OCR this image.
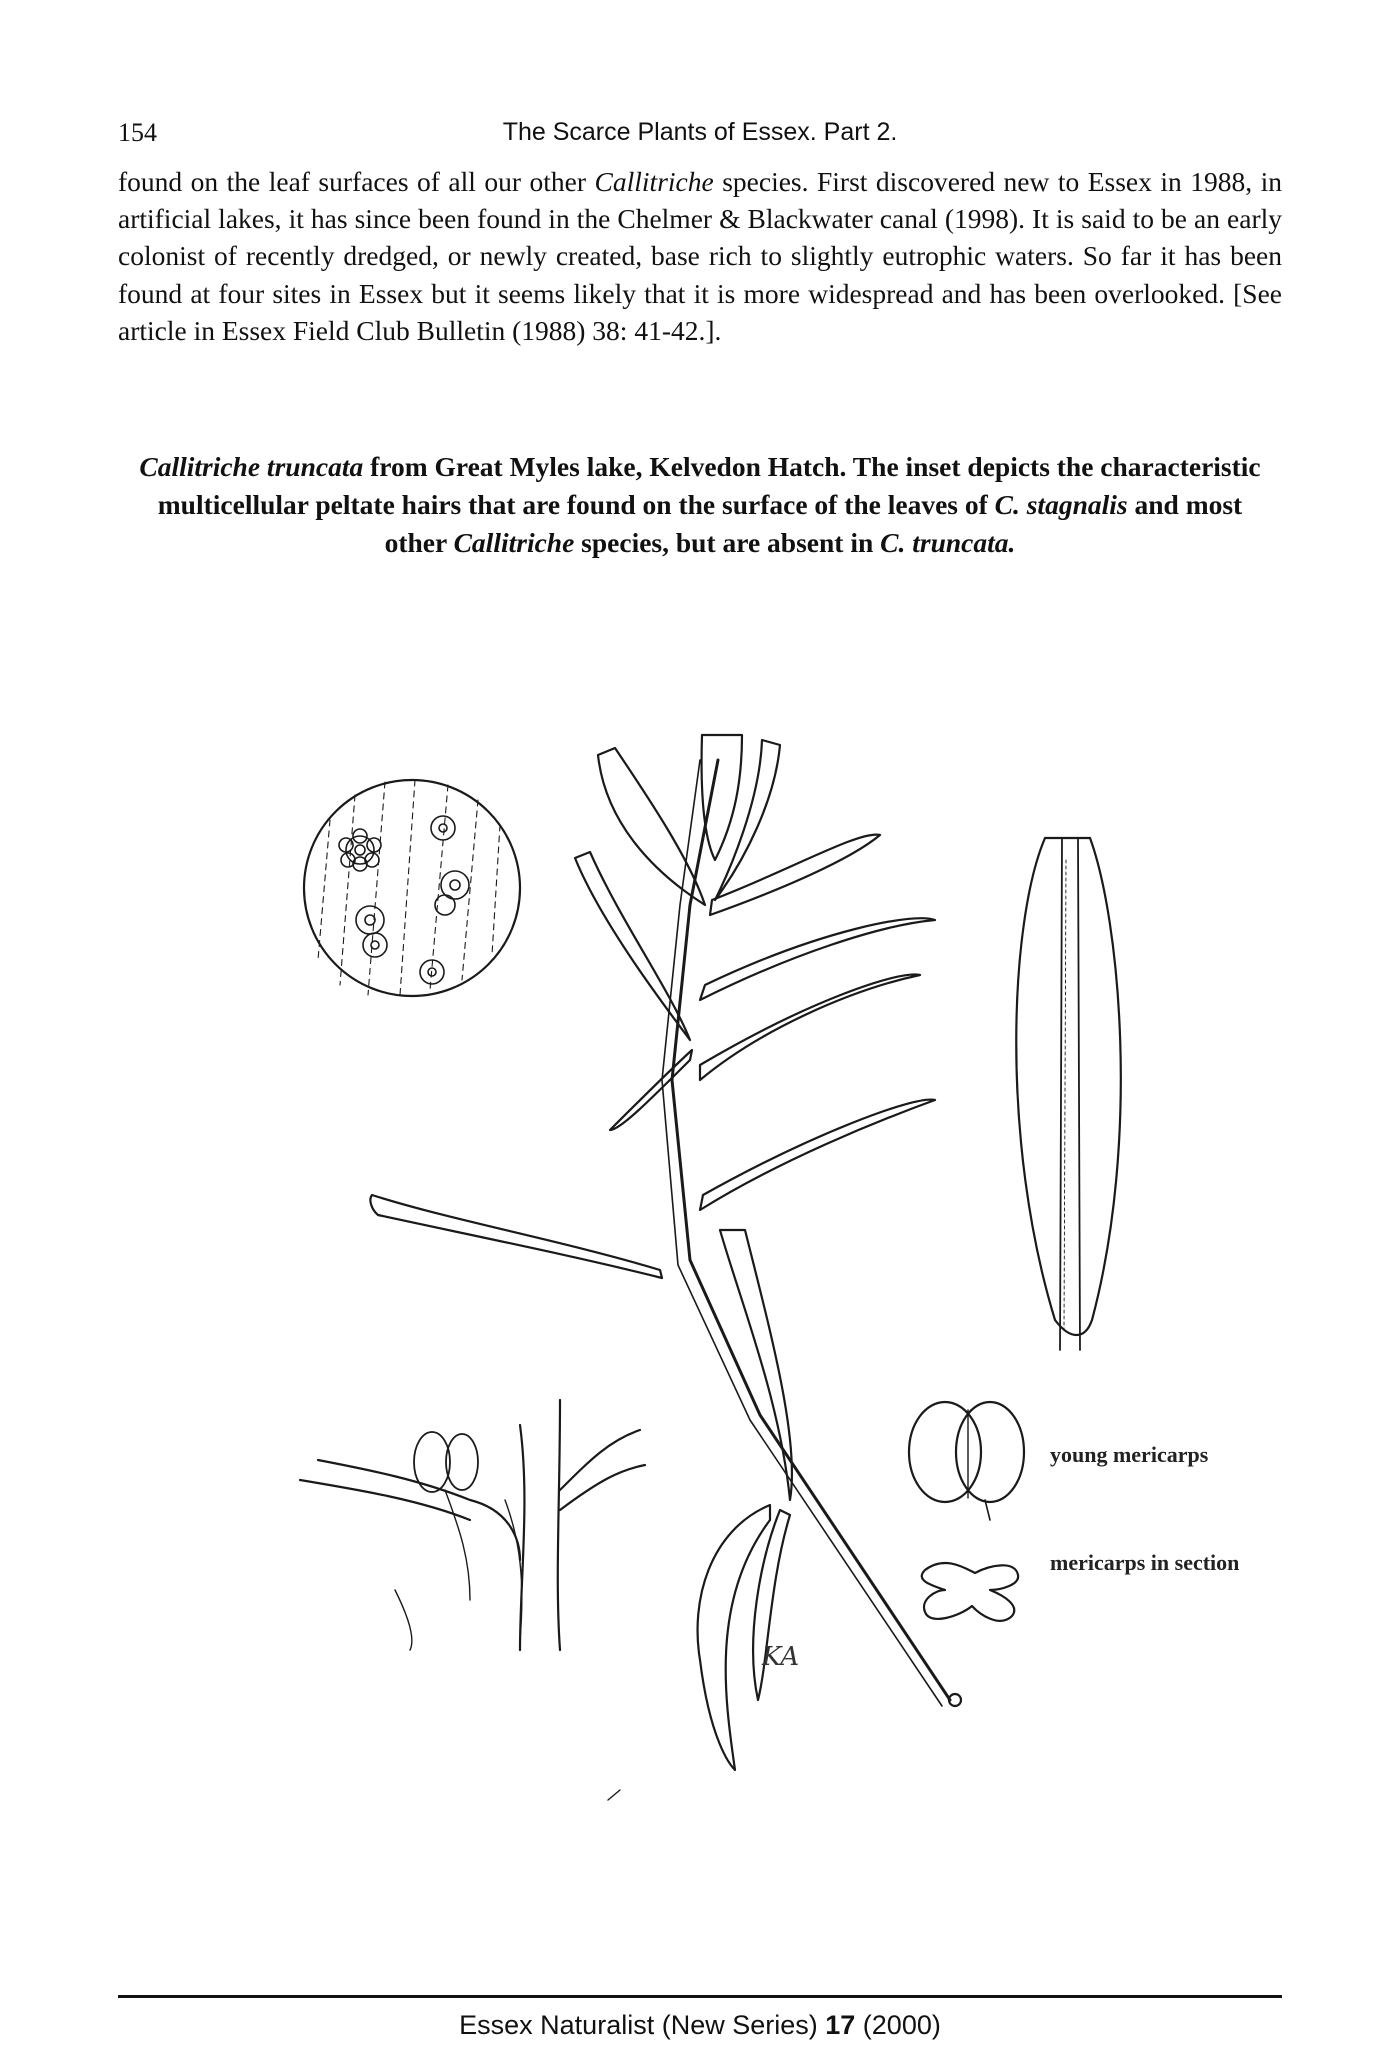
154	The Scarce Plants of Essex. Part 2.
found on the leaf surfaces of all our other Callitriche species. First discovered new to Essex in 1988, in artificial lakes, it has since been found in the Chelmer & Blackwater canal (1998). It is said to be an early colonist of recently dredged, or newly created, base rich to slightly eutrophic waters. So far it has been found at four sites in Essex but it seems likely that it is more widespread and has been overlooked. [See article in Essex Field Club Bulletin (1988) 38: 41-42.].
Callitriche truncata from Great Myles lake, Kelvedon Hatch. The inset depicts the characteristic multicellular peltate hairs that are found on the surface of the leaves of C. stagnalis and most other Callitriche species, but are absent in C. truncata.
KA
young mericarps
mericarps in section
Essex Naturalist (New Series) 17 (2000)
